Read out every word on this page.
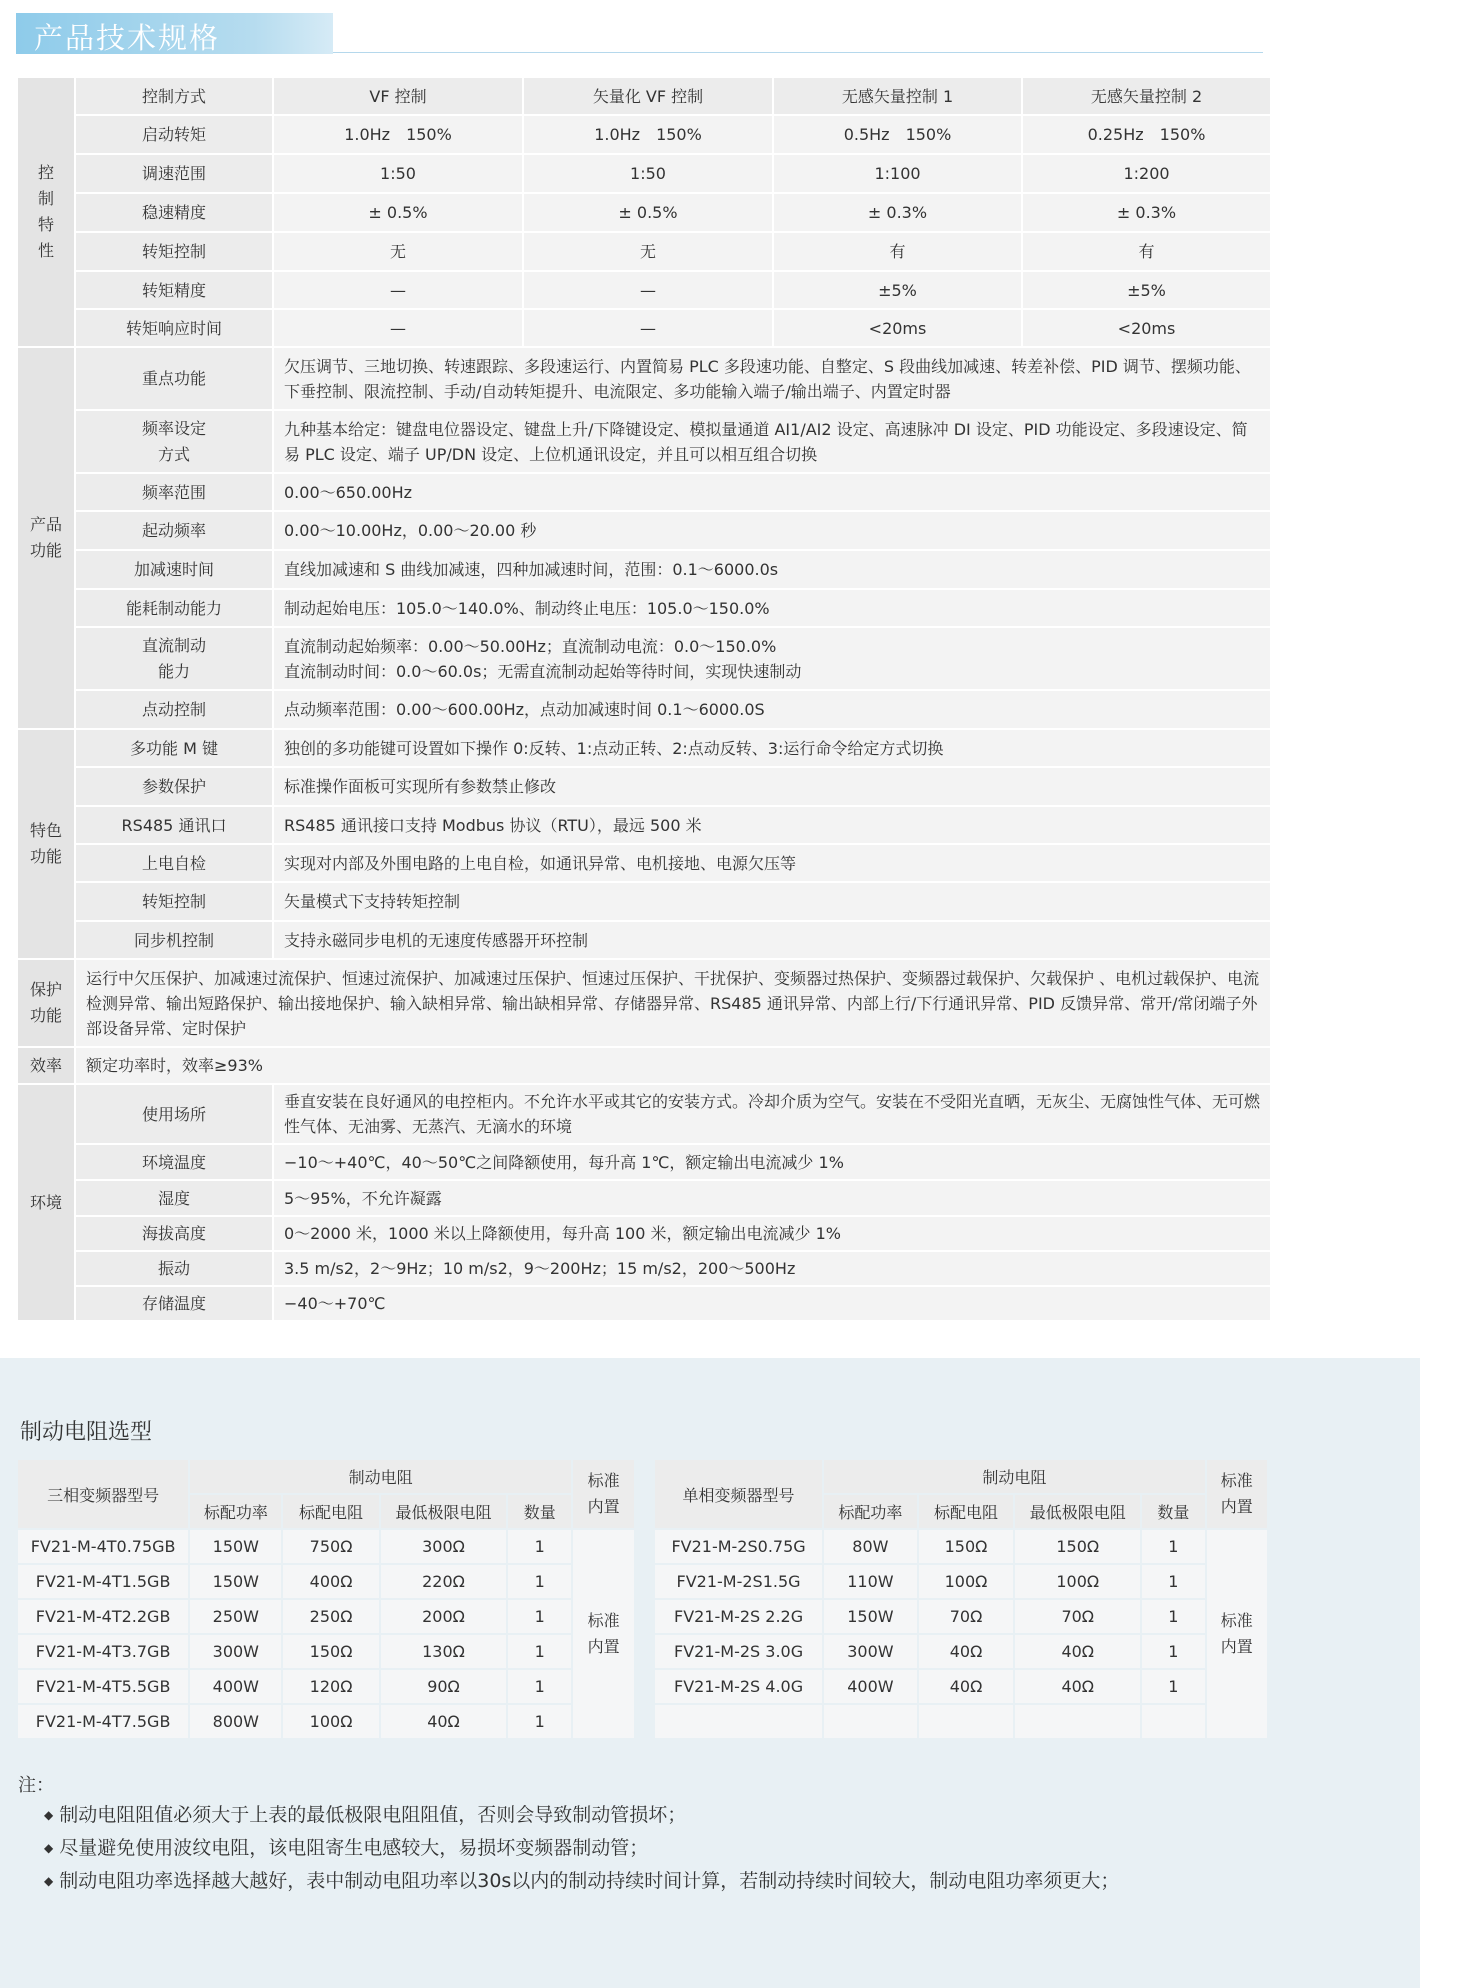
产品技术规格
控制特性	控制方式	VF 控制	矢量化 VF 控制	无感矢量控制 1	无感矢量控制 2
	启动转矩	1.0Hz　150%	1.0Hz　150%	0.5Hz　150%	0.25Hz　150%
	调速范围	1:50	1:50	1:100	1:200
	稳速精度	± 0.5%	± 0.5%	± 0.3%	± 0.3%
	转矩控制	无	无	有	有
	转矩精度	—	—	±5%	±5%
	转矩响应时间	—	—	<20ms	<20ms
产品功能	重点功能	欠压调节、三地切换、转速跟踪、多段速运行、内置简易 PLC 多段速功能、自整定、S 段曲线加减速、转差补偿、PID 调节、摆频功能、下垂控制、限流控制、手动/自动转矩提升、电流限定、多功能输入端子/输出端子、内置定时器			
	频率设定方式	九种基本给定：键盘电位器设定、键盘上升/下降键设定、模拟量通道 AI1/AI2 设定、高速脉冲 DI 设定、PID 功能设定、多段速设定、简易 PLC 设定、端子 UP/DN 设定、上位机通讯设定，并且可以相互组合切换			
	频率范围	0.00～650.00Hz			
	起动频率	0.00～10.00Hz，0.00～20.00 秒			
	加减速时间	直线加减速和 S 曲线加减速，四种加减速时间，范围：0.1～6000.0s			
	能耗制动能力	制动起始电压：105.0～140.0%、制动终止电压：105.0～150.0%			
	直流制动能力	直流制动起始频率：0.00～50.00Hz；直流制动电流：0.0～150.0%
直流制动时间：0.0～60.0s；无需直流制动起始等待时间，实现快速制动			

	点动控制	点动频率范围：0.00～600.00Hz，点动加减速时间 0.1～6000.0S			
特色功能	多功能 M 键	独创的多功能键可设置如下操作 0:反转、1:点动正转、2:点动反转、3:运行命令给定方式切换			
	参数保护	标准操作面板可实现所有参数禁止修改			
	RS485 通讯口	RS485 通讯接口支持 Modbus 协议（RTU），最远 500 米			
	上电自检	实现对内部及外围电路的上电自检，如通讯异常、电机接地、电源欠压等			
	转矩控制	矢量模式下支持转矩控制			
	同步机控制	支持永磁同步电机的无速度传感器开环控制			
保护功能	运行中欠压保护、加减速过流保护、恒速过流保护、加减速过压保护、恒速过压保护、干扰保护、变频器过热保护、变频器过载保护、欠载保护 、电机过载保护、电流检测异常、输出短路保护、输出接地保护、输入缺相异常、输出缺相异常、存储器异常、RS485 通讯异常、内部上行/下行通讯异常、PID 反馈异常、常开/常闭端子外部设备异常、定时保护				
效率	额定功率时，效率≥93%				
环境	使用场所	垂直安装在良好通风的电控柜内。不允许水平或其它的安装方式。冷却介质为空气。安装在不受阳光直晒，无灰尘、无腐蚀性气体、无可燃性气体、无油雾、无蒸汽、无滴水的环境			
	环境温度	−10～+40℃，40～50℃之间降额使用，每升高 1℃，额定输出电流减少 1%			
	湿度	5～95%，不允许凝露			
	海拔高度	0～2000 米，1000 米以上降额使用，每升高 100 米，额定输出电流减少 1%			
	振动	3.5 m/s2，2～9Hz；10 m/s2，9～200Hz；15 m/s2，200～500Hz			
	存储温度	−40～+70℃			
制动电阻选型
三相变频器型号	制动电阻				标准内置
	标配功率	标配电阻	最低极限电阻	数量	
FV21-M-4T0.75GB	150W	750Ω	300Ω	1	标准内置
FV21-M-4T1.5GB	150W	400Ω	220Ω	1	
FV21-M-4T2.2GB	250W	250Ω	200Ω	1	
FV21-M-4T3.7GB	300W	150Ω	130Ω	1	
FV21-M-4T5.5GB	400W	120Ω	90Ω	1	
FV21-M-4T7.5GB	800W	100Ω	40Ω	1	
单相变频器型号	制动电阻				标准内置
	标配功率	标配电阻	最低极限电阻	数量	
FV21-M-2S0.75G	80W	150Ω	150Ω	1	标准内置
FV21-M-2S1.5G	110W	100Ω	100Ω	1	
FV21-M-2S 2.2G	150W	70Ω	70Ω	1	
FV21-M-2S 3.0G	300W	40Ω	40Ω	1	
FV21-M-2S 4.0G	400W	40Ω	40Ω	1	

注：
◆ 制动电阻阻值必须大于上表的最低极限电阻阻值，否则会导致制动管损坏；
◆ 尽量避免使用波纹电阻，该电阻寄生电感较大，易损坏变频器制动管；
◆ 制动电阻功率选择越大越好，表中制动电阻功率以30s以内的制动持续时间计算，若制动持续时间较大，制动电阻功率须更大；
